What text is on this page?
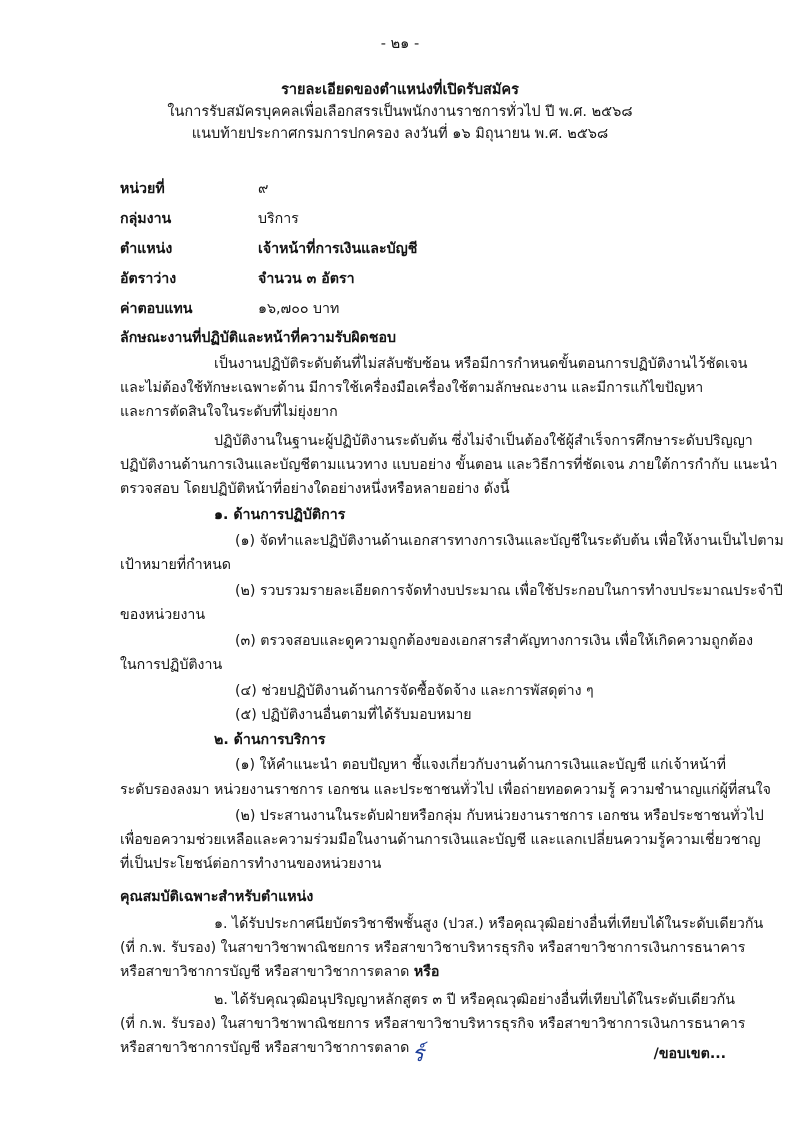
- ๒๑ -
รายละเอียดของตำแหน่งที่เปิดรับสมัคร
ในการรับสมัครบุคคลเพื่อเลือกสรรเป็นพนักงานราชการทั่วไป ปี พ.ศ. ๒๕๖๘
แนบท้ายประกาศกรมการปกครอง ลงวันที่ ๑๖ มิถุนายน พ.ศ. ๒๕๖๘
หน่วยที่	๙
กลุ่มงาน	บริการ
ตำแหน่ง	เจ้าหน้าที่การเงินและบัญชี
อัตราว่าง	จำนวน ๓ อัตรา
ค่าตอบแทน	๑๖,๗๐๐ บาท
ลักษณะงานที่ปฏิบัติและหน้าที่ความรับผิดชอบ
เป็นงานปฏิบัติระดับต้นที่ไม่สลับซับซ้อน หรือมีการกำหนดขั้นตอนการปฏิบัติงานไว้ชัดเจน
และไม่ต้องใช้ทักษะเฉพาะด้าน มีการใช้เครื่องมือเครื่องใช้ตามลักษณะงาน และมีการแก้ไขปัญหา
และการตัดสินใจในระดับที่ไม่ยุ่งยาก
ปฏิบัติงานในฐานะผู้ปฏิบัติงานระดับต้น ซึ่งไม่จำเป็นต้องใช้ผู้สำเร็จการศึกษาระดับปริญญา
ปฏิบัติงานด้านการเงินและบัญชีตามแนวทาง แบบอย่าง ขั้นตอน และวิธีการที่ชัดเจน ภายใต้การกำกับ แนะนำ
ตรวจสอบ โดยปฏิบัติหน้าที่อย่างใดอย่างหนึ่งหรือหลายอย่าง ดังนี้
๑. ด้านการปฏิบัติการ
(๑) จัดทำและปฏิบัติงานด้านเอกสารทางการเงินและบัญชีในระดับต้น เพื่อให้งานเป็นไปตาม
เป้าหมายที่กำหนด
(๒) รวบรวมรายละเอียดการจัดทำงบประมาณ เพื่อใช้ประกอบในการทำงบประมาณประจำปี
ของหน่วยงาน
(๓) ตรวจสอบและดูความถูกต้องของเอกสารสำคัญทางการเงิน เพื่อให้เกิดความถูกต้อง
ในการปฏิบัติงาน
(๔) ช่วยปฏิบัติงานด้านการจัดซื้อจัดจ้าง และการพัสดุต่าง ๆ
(๕) ปฏิบัติงานอื่นตามที่ได้รับมอบหมาย
๒. ด้านการบริการ
(๑) ให้คำแนะนำ ตอบปัญหา ชี้แจงเกี่ยวกับงานด้านการเงินและบัญชี แก่เจ้าหน้าที่
ระดับรองลงมา หน่วยงานราชการ เอกชน และประชาชนทั่วไป เพื่อถ่ายทอดความรู้ ความชำนาญแก่ผู้ที่สนใจ
(๒) ประสานงานในระดับฝ่ายหรือกลุ่ม กับหน่วยงานราชการ เอกชน หรือประชาชนทั่วไป
เพื่อขอความช่วยเหลือและความร่วมมือในงานด้านการเงินและบัญชี และแลกเปลี่ยนความรู้ความเชี่ยวชาญ
ที่เป็นประโยชน์ต่อการทำงานของหน่วยงาน
คุณสมบัติเฉพาะสำหรับตำแหน่ง
๑. ได้รับประกาศนียบัตรวิชาชีพชั้นสูง (ปวส.) หรือคุณวุฒิอย่างอื่นที่เทียบได้ในระดับเดียวกัน
(ที่ ก.พ. รับรอง) ในสาขาวิชาพาณิชยการ หรือสาขาวิชาบริหารธุรกิจ หรือสาขาวิชาการเงินการธนาคาร
หรือสาขาวิชาการบัญชี หรือสาขาวิชาการตลาด หรือ
๒. ได้รับคุณวุฒิอนุปริญญาหลักสูตร ๓ ปี หรือคุณวุฒิอย่างอื่นที่เทียบได้ในระดับเดียวกัน
(ที่ ก.พ. รับรอง) ในสาขาวิชาพาณิชยการ หรือสาขาวิชาบริหารธุรกิจ หรือสาขาวิชาการเงินการธนาคาร
หรือสาขาวิชาการบัญชี หรือสาขาวิชาการตลาด ร์	/ขอบเขต...
